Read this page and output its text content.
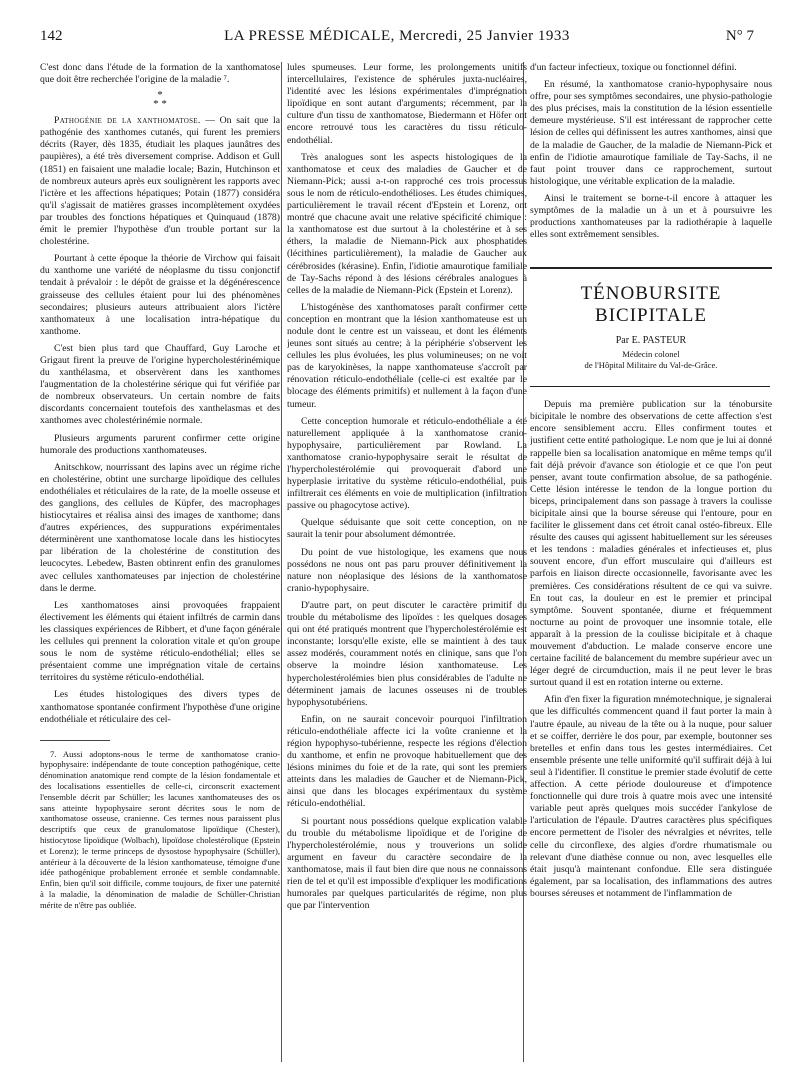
142	LA PRESSE MÉDICALE, Mercredi, 25 Janvier 1933	N° 7

C'est donc dans l'étude de la formation de la xanthomatose que doit être recherchée l'origine de la maladie ⁷.

*
* *

Pathogénie de la xanthomatose. — On sait que la pathogénie des xanthomes cutanés, qui furent les premiers décrits (Rayer, dès 1835, étudiait les plaques jaunâtres des paupières), a été très diversement comprise. Addison et Gull (1851) en faisaient une maladie locale; Bazin, Hutchinson et de nombreux auteurs après eux soulignèrent les rapports avec l'ictère et les affections hépatiques; Potain (1877) considéra qu'il s'agissait de matières grasses incomplètement oxydées par troubles des fonctions hépatiques et Quinquaud (1878) émit le premier l'hypothèse d'un trouble portant sur la cholestérine.

Pourtant à cette époque la théorie de Virchow qui faisait du xanthome une variété de néoplasme du tissu conjonctif tendait à prévaloir : le dépôt de graisse et la dégénérescence graisseuse des cellules étaient pour lui des phénomènes secondaires; plusieurs auteurs attribuaient alors l'ictère xanthomateux à une localisation intra-hépatique du xanthome.

C'est bien plus tard que Chauffard, Guy Laroche et Grigaut firent la preuve de l'origine hypercholestérinémique du xanthélasma, et observèrent dans les xanthomes l'augmentation de la cholestérine sérique qui fut vérifiée par de nombreux observateurs. Un certain nombre de faits discordants concernaient toutefois des xanthelasmas et des xanthomes avec cholestérinémie normale.

Plusieurs arguments parurent confirmer cette origine humorale des productions xanthomateuses.

Anitschkow, nourrissant des lapins avec un régime riche en cholestérine, obtint une surcharge lipoïdique des cellules endothéliales et réticulaires de la rate, de la moelle osseuse et des ganglions, des cellules de Küpfer, des macrophages histiocytaires et réalisa ainsi des images de xanthome; dans d'autres expériences, des suppurations expérimentales déterminèrent une xanthomatose locale dans les histiocytes par libération de la cholestérine de constitution des leucocytes. Lebedew, Basten obtinrent enfin des granulomes avec cellules xanthomateuses par injection de cholestérine dans le derme.

Les xanthomatoses ainsi provoquées frappaient électivement les éléments qui étaient infiltrés de carmin dans les classiques expériences de Ribbert, et d'une façon générale les cellules qui prennent la coloration vitale et qu'on groupe sous le nom de système réticulo-endothélial; elles se présentaient comme une imprégnation vitale de certains territoires du système réticulo-endothélial.

Les études histologiques des divers types de xanthomatose spontanée confirment l'hypothèse d'une origine endothéliale et réticulaire des cel-

7. Aussi adoptons-nous le terme de xanthomatose cranio-hypophysaire: indépendante de toute conception pathogénique, cette dénomination anatomique rend compte de la lésion fondamentale et des localisations essentielles de celle-ci, circonscrit exactement l'ensemble décrit par Schüller; les lacunes xanthomateuses des os sans atteinte hypophysaire seront décrites sous le nom de xanthomatose osseuse, cranienne. Ces termes nous paraissent plus descriptifs que ceux de granulomatose lipoïdique (Chester), histiocytose lipoïdique (Wolbach), lipoïdose cholestérolique (Epstein et Lorenz); le terme princeps de dysostose hypophysaire (Schüller), antérieur à la découverte de la lésion xanthomateuse, témoigne d'une idée pathogénique probablement erronée et semble condamnable. Enfin, bien qu'il soit difficile, comme toujours, de fixer une paternité à la maladie, la dénomination de maladie de Schüller-Christian mérite de n'être pas oubliée.

lules spumeuses. Leur forme, les prolongements unitifs intercellulaires, l'existence de sphérules juxta-nucléaires, l'identité avec les lésions expérimentales d'imprégnation lipoïdique en sont autant d'arguments; récemment, par la culture d'un tissu de xanthomatose, Biedermann et Höfer ont encore retrouvé tous les caractères du tissu réticulo-endothélial.

Très analogues sont les aspects histologiques de la xanthomatose et ceux des maladies de Gaucher et de Niemann-Pick; aussi a-t-on rapproché ces trois processus sous le nom de réticulo-endothélioses. Les études chimiques, particulièrement le travail récent d'Epstein et Lorenz, ont montré que chacune avait une relative spécificité chimique : la xanthomatose est due surtout à la cholestérine et à ses éthers, la maladie de Niemann-Pick aux phosphatides (lécithines particulièrement), la maladie de Gaucher aux cérébrosides (kérasine). Enfin, l'idiotie amaurotique familiale de Tay-Sachs répond à des lésions cérébrales analogues à celles de la maladie de Niemann-Pick (Epstein et Lorenz).

L'histogénèse des xanthomatoses paraît confirmer cette conception en montrant que la lésion xanthomateuse est un nodule dont le centre est un vaisseau, et dont les éléments jeunes sont situés au centre; à la périphérie s'observent les cellules les plus évoluées, les plus volumineuses; on ne voit pas de karyokinèses, la nappe xanthomateuse s'accroît par rénovation réticulo-endothéliale (celle-ci est exaltée par le blocage des éléments primitifs) et nullement à la façon d'une tumeur.

Cette conception humorale et réticulo-endothéliale a été naturellement appliquée à la xanthomatose cranio-hypophysaire, particulièrement par Rowland. La xanthomatose cranio-hypophysaire serait le résultat de l'hypercholestérolémie qui provoquerait d'abord une hyperplasie irritative du système réticulo-endothélial, puis infiltrerait ces éléments en voie de multiplication (infiltration passive ou phagocytose active).

Quelque séduisante que soit cette conception, on ne saurait la tenir pour absolument démontrée.

Du point de vue histologique, les examens que nous possédons ne nous ont pas paru prouver définitivement la nature non néoplasique des lésions de la xanthomatose cranio-hypophysaire.

D'autre part, on peut discuter le caractère primitif du trouble du métabolisme des lipoïdes : les quelques dosages qui ont été pratiqués montrent que l'hypercholestérolémie est inconstante; lorsqu'elle existe, elle se maintient à des taux assez modérés, couramment notés en clinique, sans que l'on observe la moindre lésion xanthomateuse. Les hypercholestérolémies bien plus considérables de l'adulte ne déterminent jamais de lacunes osseuses ni de troubles hypophysotubériens.

Enfin, on ne saurait concevoir pourquoi l'infiltration réticulo-endothéliale affecte ici la voûte cranienne et la région hypophyso-tubérienne, respecte les régions d'élection du xanthome, et enfin ne provoque habituellement que des lésions minimes du foie et de la rate, qui sont les premiers atteints dans les maladies de Gaucher et de Niemann-Pick, ainsi que dans les blocages expérimentaux du système réticulo-endothélial.

Si pourtant nous possédions quelque explication valable du trouble du métabolisme lipoïdique et de l'origine de l'hypercholestérolémie, nous y trouverions un solide argument en faveur du caractère secondaire de la xanthomatose, mais il faut bien dire que nous ne connaissons rien de tel et qu'il est impossible d'expliquer les modifications humorales par quelques particularités de régime, non plus que par l'intervention

d'un facteur infectieux, toxique ou fonctionnel défini.

En résumé, la xanthomatose cranio-hypophysaire nous offre, pour ses symptômes secondaires, une physio-pathologie des plus précises, mais la constitution de la lésion essentielle demeure mystérieuse. S'il est intéressant de rapprocher cette lésion de celles qui définissent les autres xanthomes, ainsi que de la maladie de Gaucher, de la maladie de Niemann-Pick et enfin de l'idiotie amaurotique familiale de Tay-Sachs, il ne faut point trouver dans ce rapprochement, surtout histologique, une véritable explication de la maladie.

Ainsi le traitement se borne-t-il encore à attaquer les symptômes de la maladie un à un et à poursuivre les productions xanthomateuses par la radiothérapie à laquelle elles sont extrêmement sensibles.

TÉNOBURSITE BICIPITALE
Par E. PASTEUR
Médecin colonel
de l'Hôpital Militaire du Val-de-Grâce.

Depuis ma première publication sur la ténobursite bicipitale le nombre des observations de cette affection s'est encore sensiblement accru. Elles confirment toutes et justifient cette entité pathologique. Le nom que je lui ai donné rappelle bien sa localisation anatomique en même temps qu'il fait déjà prévoir d'avance son étiologie et ce que l'on peut penser, avant toute confirmation absolue, de sa pathogénie. Cette lésion intéresse le tendon de la longue portion du biceps, principalement dans son passage à travers la coulisse bicipitale ainsi que la bourse séreuse qui l'entoure, pour en faciliter le glissement dans cet étroit canal ostéo-fibreux. Elle résulte des causes qui agissent habituellement sur les séreuses et les tendons : maladies générales et infectieuses et, plus souvent encore, d'un effort musculaire qui d'ailleurs est parfois en liaison directe occasionnelle, favorisante avec les premières. Ces considérations résultent de ce qui va suivre. En tout cas, la douleur en est le premier et principal symptôme. Souvent spontanée, diurne et fréquemment nocturne au point de provoquer une insomnie totale, elle apparaît à la pression de la coulisse bicipitale et à chaque mouvement d'abduction. Le malade conserve encore une certaine facilité de balancement du membre supérieur avec un léger degré de circumduction, mais il ne peut lever le bras surtout quand il est en rotation interne ou externe.

Afin d'en fixer la figuration mnémotechnique, je signalerai que les difficultés commencent quand il faut porter la main à l'autre épaule, au niveau de la tête ou à la nuque, pour saluer et se coiffer, derrière le dos pour, par exemple, boutonner ses bretelles et enfin dans tous les gestes intermédiaires. Cet ensemble présente une telle uniformité qu'il suffirait déjà à lui seul à l'identifier. Il constitue le premier stade évolutif de cette affection. A cette période douloureuse et d'impotence fonctionnelle qui dure trois à quatre mois avec une intensité variable peut après quelques mois succéder l'ankylose de l'articulation de l'épaule. D'autres caractères plus spécifiques encore permettent de l'isoler des névralgies et névrites, telle celle du circonflexe, des algies d'ordre rhumatismale ou relevant d'une diathèse connue ou non, avec lesquelles elle était jusqu'à maintenant confondue. Elle sera distinguée également, par sa localisation, des inflammations des autres bourses séreuses et notamment de l'inflammation de
